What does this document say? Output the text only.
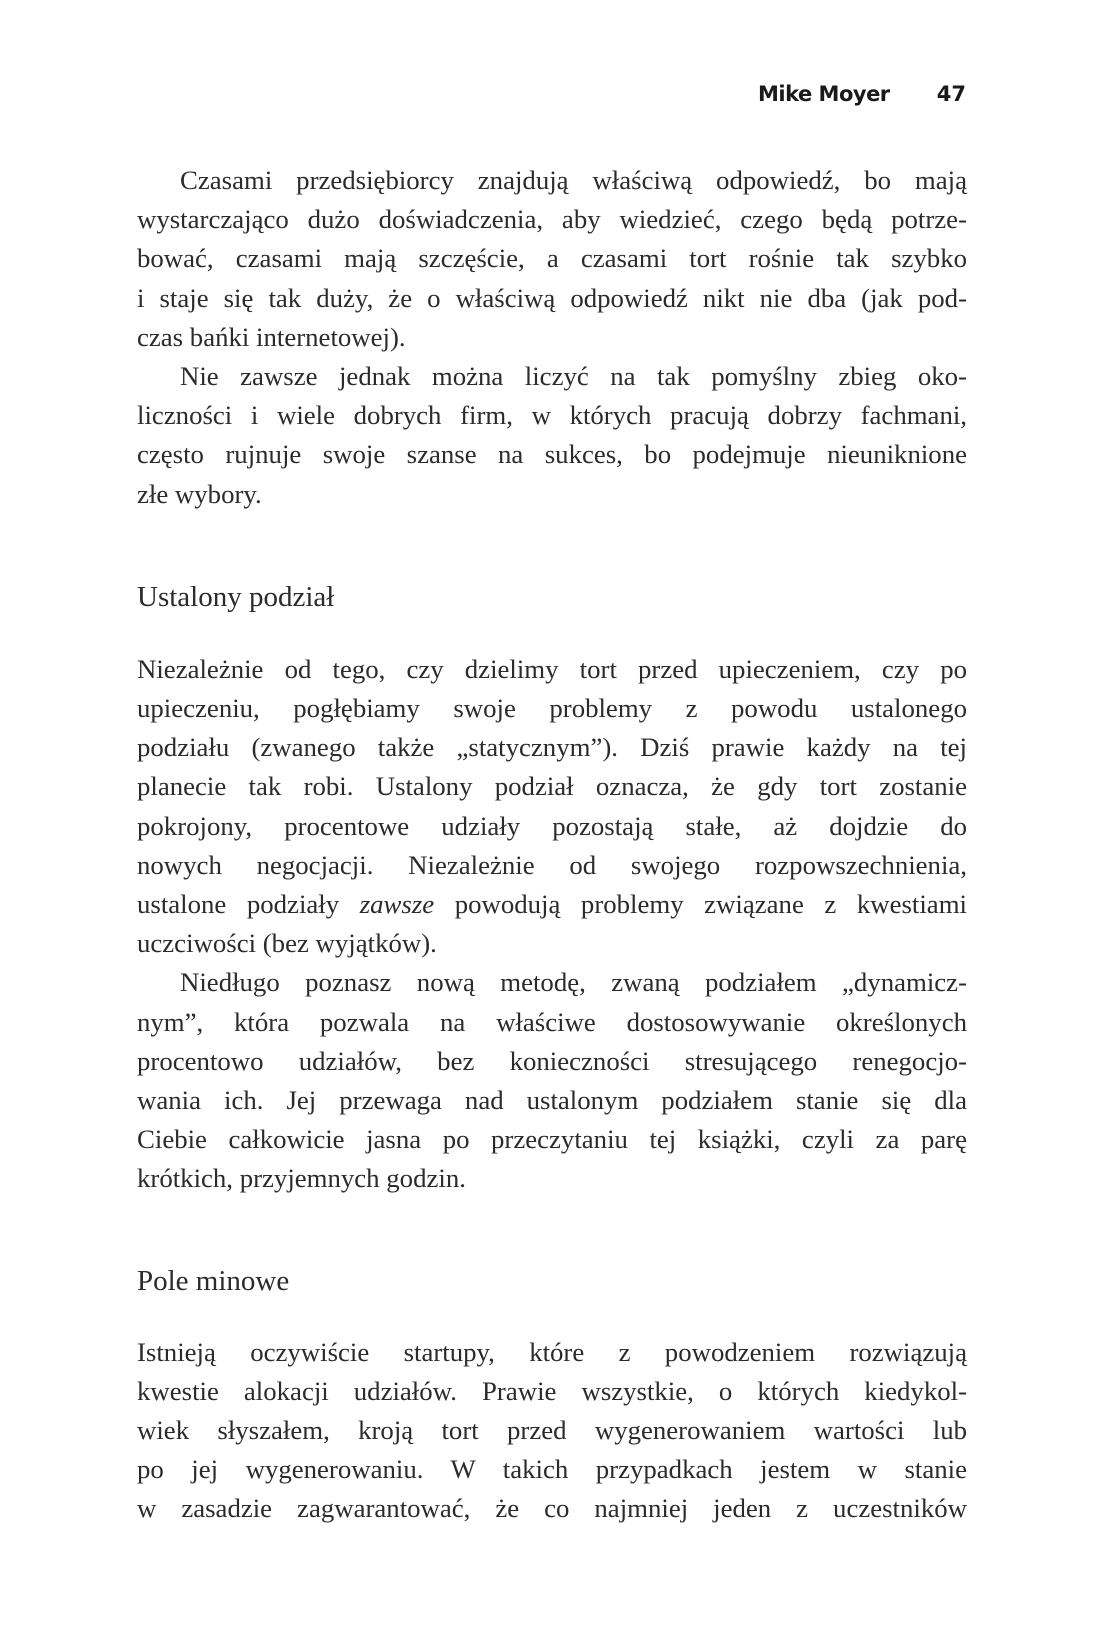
Mike Moyer 47

Czasami przedsiębiorcy znajdują właściwą odpowiedź, bo mają
wystarczająco dużo doświadczenia, aby wiedzieć, czego będą potrze-
bować, czasami mają szczęście, a czasami tort rośnie tak szybko
i staje się tak duży, że o właściwą odpowiedź nikt nie dba (jak pod-
czas bańki internetowej).

Nie zawsze jednak można liczyć na tak pomyślny zbieg oko-
liczności i wiele dobrych firm, w których pracują dobrzy fachmani,
często rujnuje swoje szanse na sukces, bo podejmuje nieuniknione
złe wybory.

Ustalony podział

Niezależnie od tego, czy dzielimy tort przed upieczeniem, czy po
upieczeniu, pogłębiamy swoje problemy z powodu ustalonego
podziału (zwanego także „statycznym”). Dziś prawie każdy na tej
planecie tak robi. Ustalony podział oznacza, że gdy tort zostanie
pokrojony, procentowe udziały pozostają stałe, aż dojdzie do
nowych negocjacji. Niezależnie od swojego rozpowszechnienia,
ustalone podziały zawsze powodują problemy związane z kwestiami
uczciwości (bez wyjątków).

Niedługo poznasz nową metodę, zwaną podziałem „dynamicz-
nym”, która pozwala na właściwe dostosowywanie określonych
procentowo udziałów, bez konieczności stresującego renegocjo-
wania ich. Jej przewaga nad ustalonym podziałem stanie się dla
Ciebie całkowicie jasna po przeczytaniu tej książki, czyli za parę
krótkich, przyjemnych godzin.

Pole minowe

Istnieją oczywiście startupy, które z powodzeniem rozwiązują
kwestie alokacji udziałów. Prawie wszystkie, o których kiedykol-
wiek słyszałem, kroją tort przed wygenerowaniem wartości lub
po jej wygenerowaniu. W takich przypadkach jestem w stanie
w zasadzie zagwarantować, że co najmniej jeden z uczestników
